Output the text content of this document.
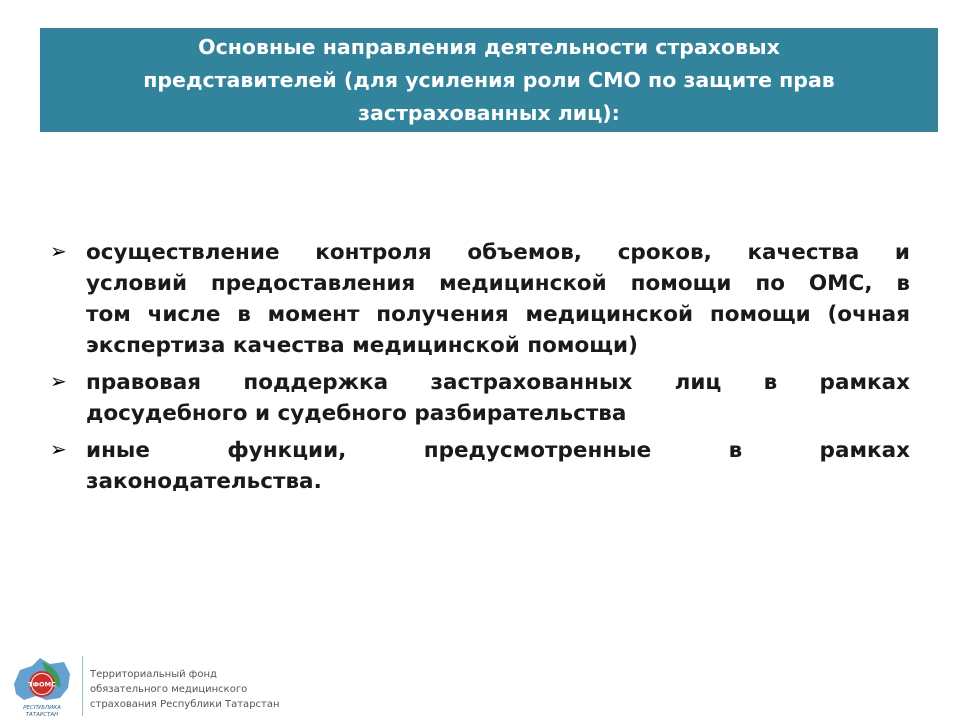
Основные направления деятельности страховых
представителей (для усиления роли СМО по защите прав
застрахованных лиц):
➢ осуществление контроля объемов, сроков, качества и
условий предоставления медицинской помощи по ОМС, в
том числе в момент получения медицинской помощи (очная
экспертиза качества медицинской помощи)
➢ правовая поддержка застрахованных лиц в рамках
досудебного и судебного разбирательства
➢ иные функции, предусмотренные в рамках
законодательства.
ТФОМС
РЕСПУБЛИКА
ТАТАРСТАН
Территориальный фонд
обязательного медицинского
страхования Республики Татарстан
